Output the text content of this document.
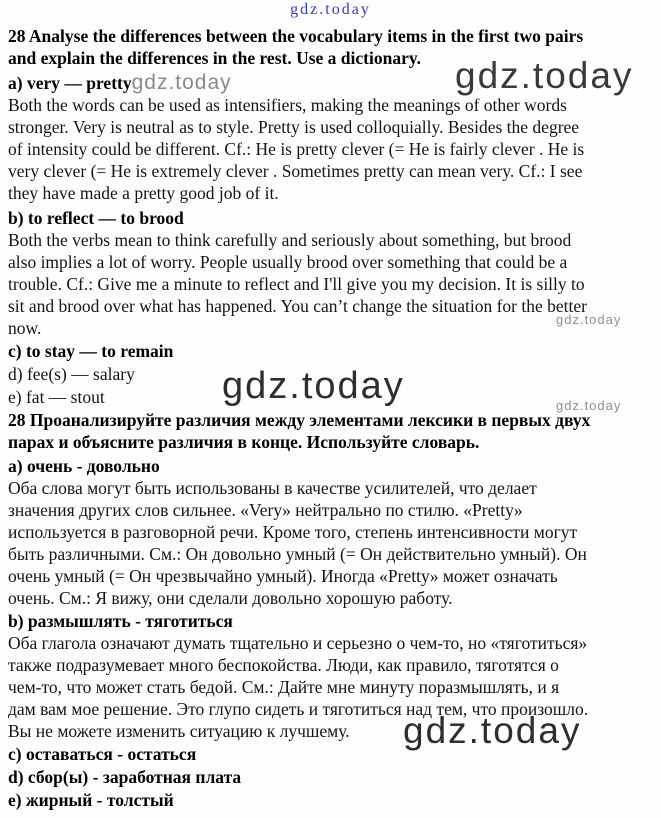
gdz.today
gdz.today
gdz.today
gdz.today	gdz.today
gdz.today
28 Analyse the differences between the vocabulary items in the first two pairs
and explain the differences in the rest. Use a dictionary.
a) very — prettygdz.today
Both the words can be used as intensifiers, making the meanings of other words
stronger. Very is neutral as to style. Pretty is used colloquially. Besides the degree
of intensity could be different. Cf.: He is pretty clever (= He is fairly clever . He is
very clever (= He is extremely clever . Sometimes pretty can mean very. Cf.: I see
they have made a pretty good job of it.
b) to reflect — to brood
Both the verbs mean to think carefully and seriously about something, but brood
also implies a lot of worry. People usually brood over something that could be a
trouble. Cf.: Give me a minute to reflect and I'll give you my decision. It is silly to
sit and brood over what has happened. You can’t change the situation for the better
now.
c) to stay — to remain
d) fee(s) — salary
e) fat — stout
28 Проанализируйте различия между элементами лексики в первых двух
парах и объясните различия в конце. Используйте словарь.
а) очень - довольно
Оба слова могут быть использованы в качестве усилителей, что делает
значения других слов сильнее. «Very» нейтрально по стилю. «Pretty»
используется в разговорной речи. Кроме того, степень интенсивности могут
быть различными. См.: Он довольно умный (= Он действительно умный). Он
очень умный (= Он чрезвычайно умный). Иногда «Pretty» может означать
очень. См.: Я вижу, они сделали довольно хорошую работу.
b) размышлять - тяготиться
Оба глагола означают думать тщательно и серьезно о чем-то, но «тяготиться»
также подразумевает много беспокойства. Люди, как правило, тяготятся о
чем-то, что может стать бедой. См.: Дайте мне минуту поразмышлять, и я
дам вам мое решение. Это глупо сидеть и тяготиться над тем, что произошло.
Вы не можете изменить ситуацию к лучшему.
c) оставаться - остаться
d) сбор(ы) - заработная плата
е) жирный - толстый
